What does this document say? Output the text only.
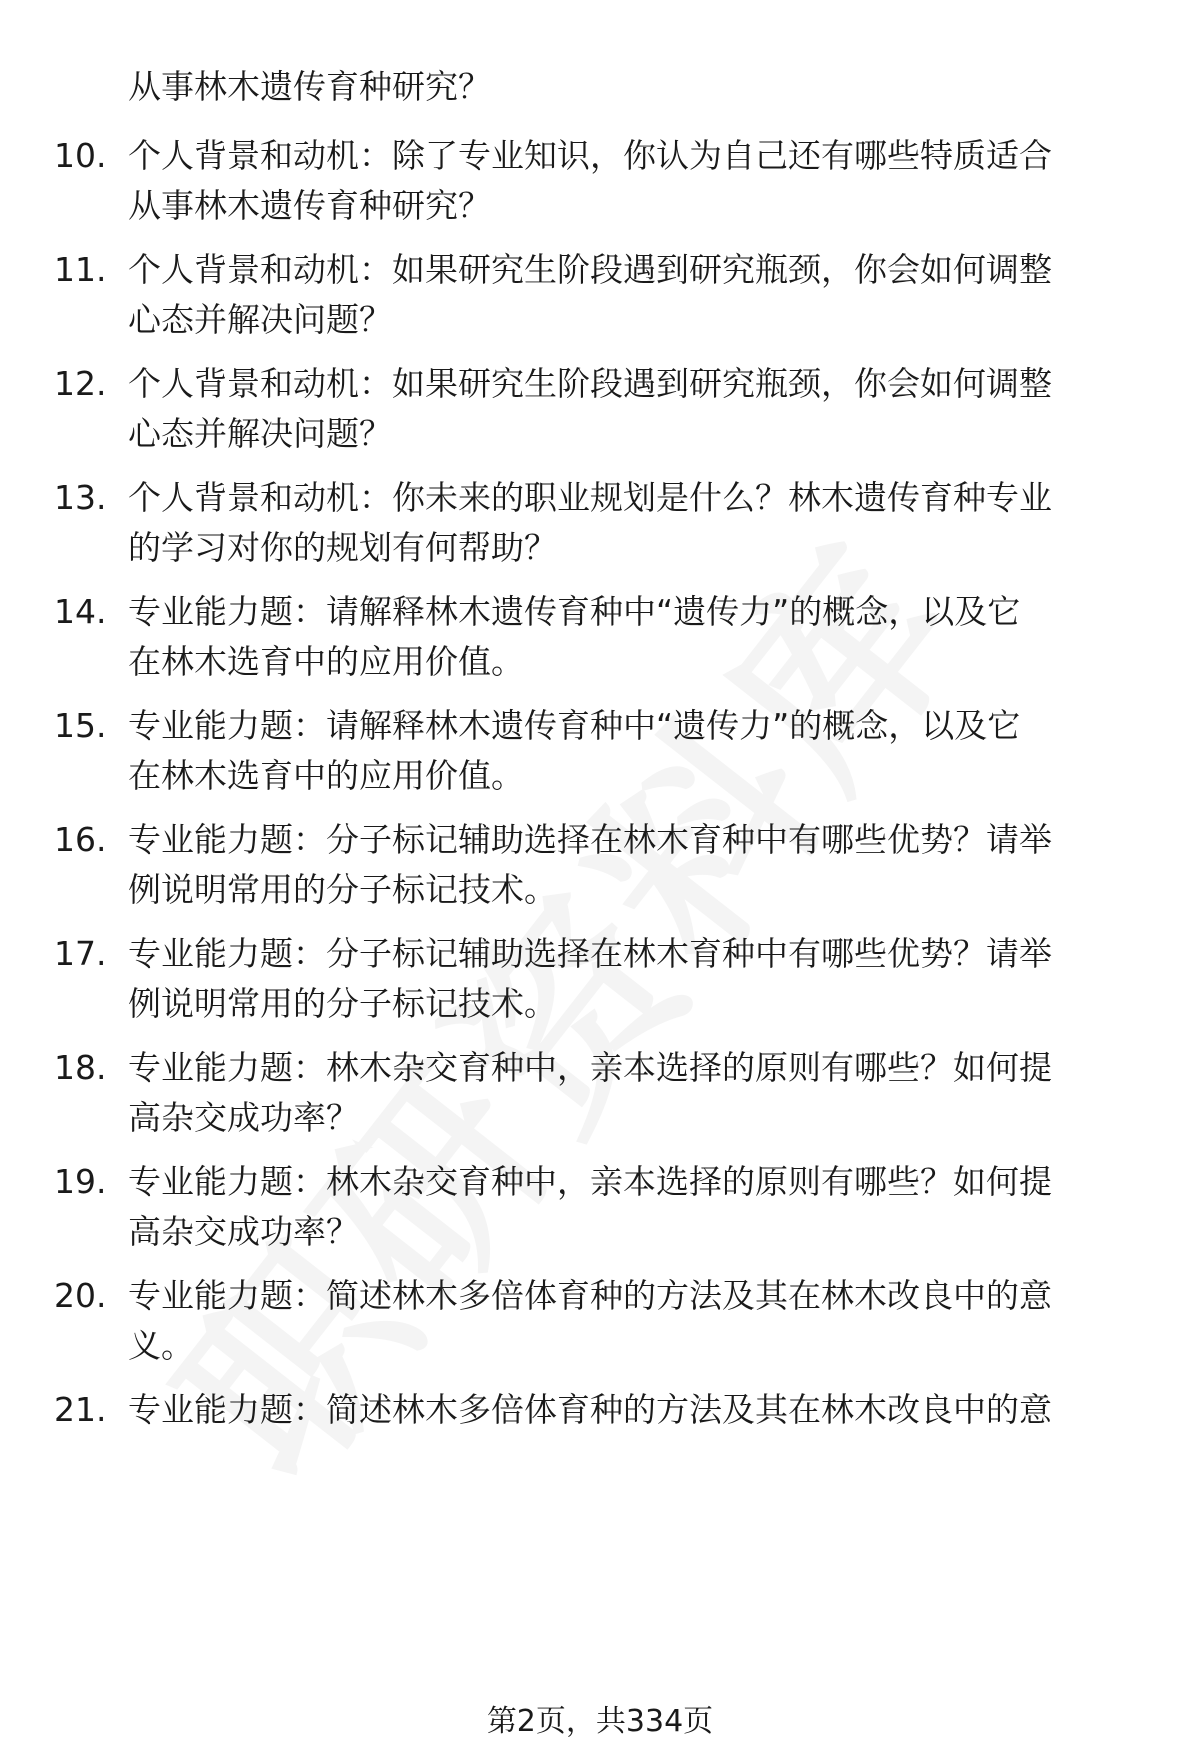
从事林木遗传育种研究？
10. 个人背景和动机：除了专业知识，你认为自己还有哪些特质适合
从事林木遗传育种研究？
11. 个人背景和动机：如果研究生阶段遇到研究瓶颈，你会如何调整
心态并解决问题？
12. 个人背景和动机：如果研究生阶段遇到研究瓶颈，你会如何调整
心态并解决问题？
13. 个人背景和动机：你未来的职业规划是什么？林木遗传育种专业
的学习对你的规划有何帮助？
14. 专业能力题：请解释林木遗传育种中“遗传力”的概念，以及它
在林木选育中的应用价值。
15. 专业能力题：请解释林木遗传育种中“遗传力”的概念，以及它
在林木选育中的应用价值。
16. 专业能力题：分子标记辅助选择在林木育种中有哪些优势？请举
例说明常用的分子标记技术。
17. 专业能力题：分子标记辅助选择在林木育种中有哪些优势？请举
例说明常用的分子标记技术。
18. 专业能力题：林木杂交育种中，亲本选择的原则有哪些？如何提
高杂交成功率？
19. 专业能力题：林木杂交育种中，亲本选择的原则有哪些？如何提
高杂交成功率？
20. 专业能力题：简述林木多倍体育种的方法及其在林木改良中的意
义。
21. 专业能力题：简述林木多倍体育种的方法及其在林木改良中的意
第2页，共334页
